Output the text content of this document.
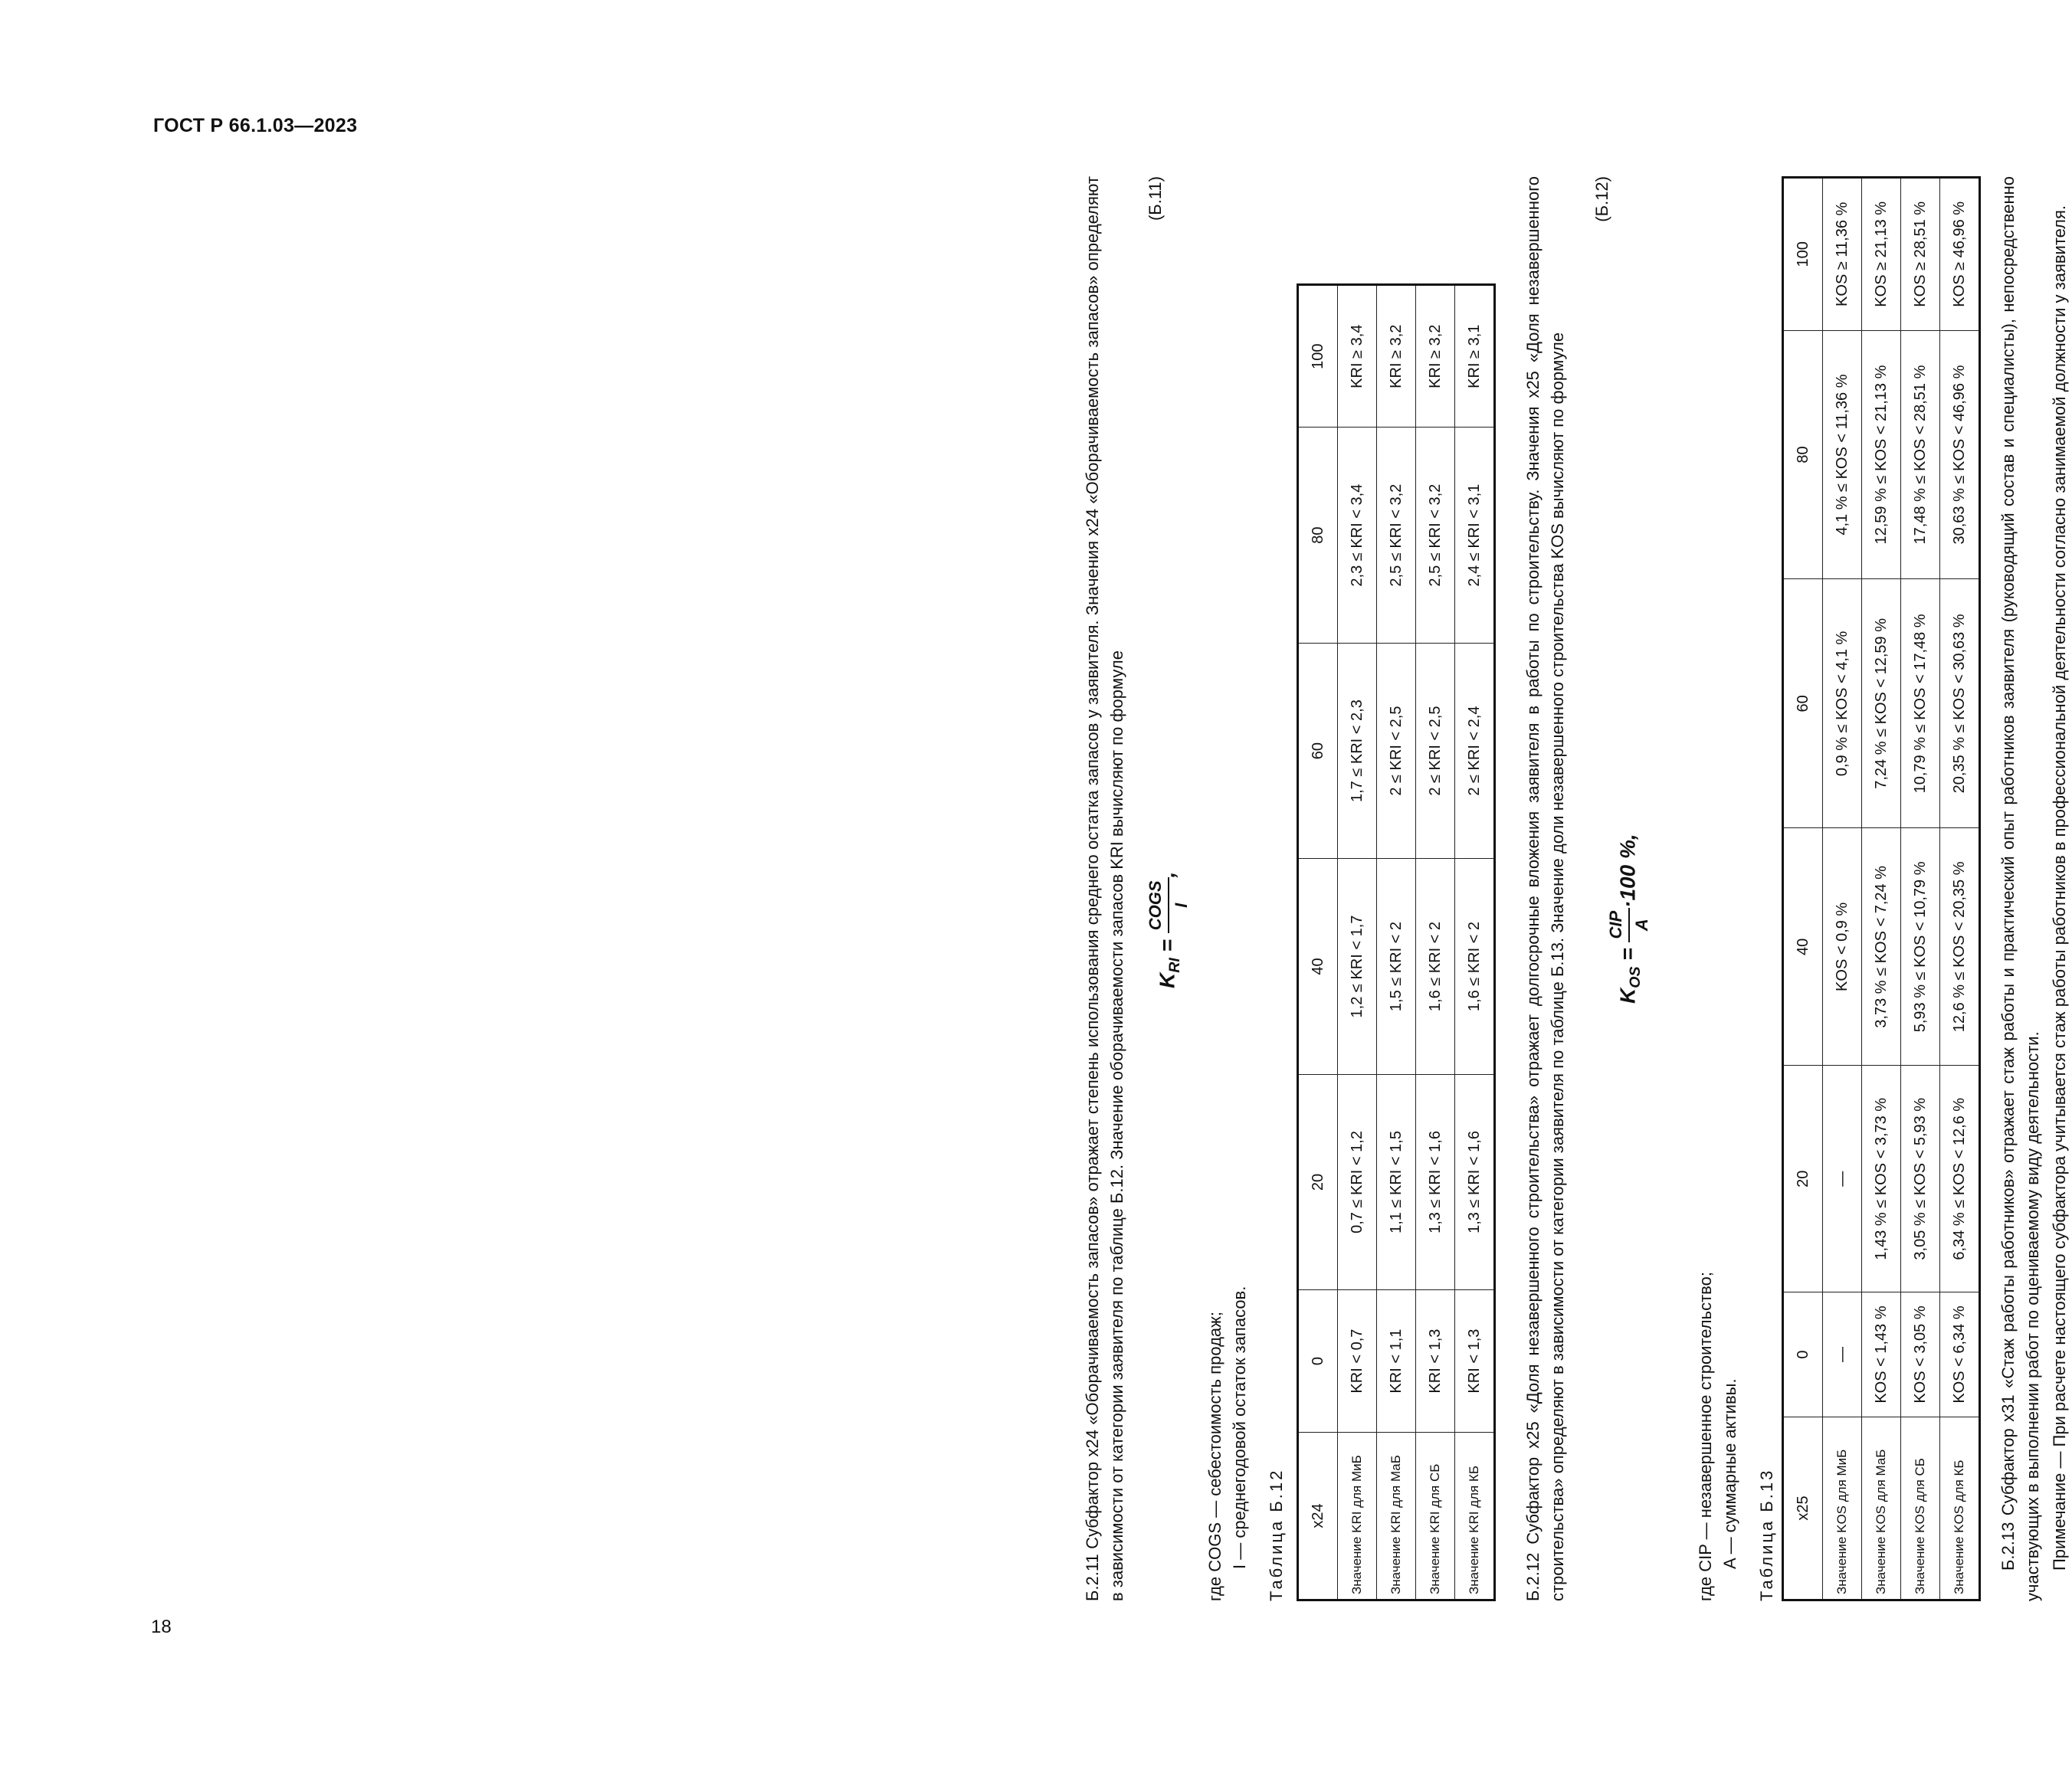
ГОСТ Р 66.1.03—2023
Б.2.11 Субфактор x24 «Оборачиваемость запасов» отражает степень использования среднего остатка запасов у заявителя. Значения x24 «Оборачиваемость запасов» определяют в зависимости от категории заявителя по таблице Б.12. Значение оборачиваемости запасов KRI вычисляют по формуле	$K_{RI}$ =
COGS I
,
(Б.11)
где COGS — себестоимость продаж; I — среднегодовой остаток запасов. Таблица Б.12 x24	0	20	40	60	80	100
Значение KRI для МиБ	KRI < 0,7	0,7 ≤ KRI < 1,2	1,2 ≤ KRI < 1,7	1,7 ≤ KRI < 2,3	2,3 ≤ KRI < 3,4	KRI ≥ 3,4
Значение KRI для МаБ	KRI < 1,1	1,1 ≤ KRI < 1,5	1,5 ≤ KRI < 2	2 ≤ KRI < 2,5	2,5 ≤ KRI < 3,2	KRI ≥ 3,2
Значение KRI для СБ	KRI < 1,3	1,3 ≤ KRI < 1,6	1,6 ≤ KRI < 2	2 ≤ KRI < 2,5	2,5 ≤ KRI < 3,2	KRI ≥ 3,2
Значение KRI для КБ	KRI < 1,3	1,3 ≤ KRI < 1,6	1,6 ≤ KRI < 2	2 ≤ KRI < 2,4	2,4 ≤ KRI < 3,1	KRI ≥ 3,1 Б.2.12 Субфактор x25 «Доля незавершенного строительства» отражает долгосрочные вложения заявителя в работы по строительству. Значения x25 «Доля незавершенного строительства» определяют в зависимости от категории заявителя по таблице Б.13. Значение доли незавершенного строительства KOS вычисляют по формуле	$K_{OS}$ =
CIP A
·100 %,
(Б.12)
где CIP — незавершенное строительство; A — суммарные активы. Таблица Б.13 x25	0	20	40	60	80	100
Значение KOS для МиБ	—	—	KOS < 0,9 %	0,9 % ≤ KOS < 4,1 %	4,1 % ≤ KOS < 11,36 %	KOS ≥ 11,36 %
Значение KOS для МаБ	KOS < 1,43 %	1,43 % ≤ KOS < 3,73 %	3,73 % ≤ KOS < 7,24 %	7,24 % ≤ KOS < 12,59 %	12,59 % ≤ KOS < 21,13 %	KOS ≥ 21,13 %
Значение KOS для СБ	KOS < 3,05 %	3,05 % ≤ KOS < 5,93 %	5,93 % ≤ KOS < 10,79 %	10,79 % ≤ KOS < 17,48 %	17,48 % ≤ KOS < 28,51 %	KOS ≥ 28,51 %
Значение KOS для КБ	KOS < 6,34 %	6,34 % ≤ KOS < 12,6 %	12,6 % ≤ KOS < 20,35 %	20,35 % ≤ KOS < 30,63 %	30,63 % ≤ KOS < 46,96 %	KOS ≥ 46,96 % Б.2.13 Субфактор x31 «Стаж работы работников» отражает стаж работы и практический опыт работников заявителя (руководящий состав и специалисты), непосредственно участвующих в выполнении работ по оцениваемому виду деятельности. Примечание — При расчете настоящего субфактора учитывается стаж работы работников в профессиональной деятельности согласно занимаемой должности у заявителя.
18
